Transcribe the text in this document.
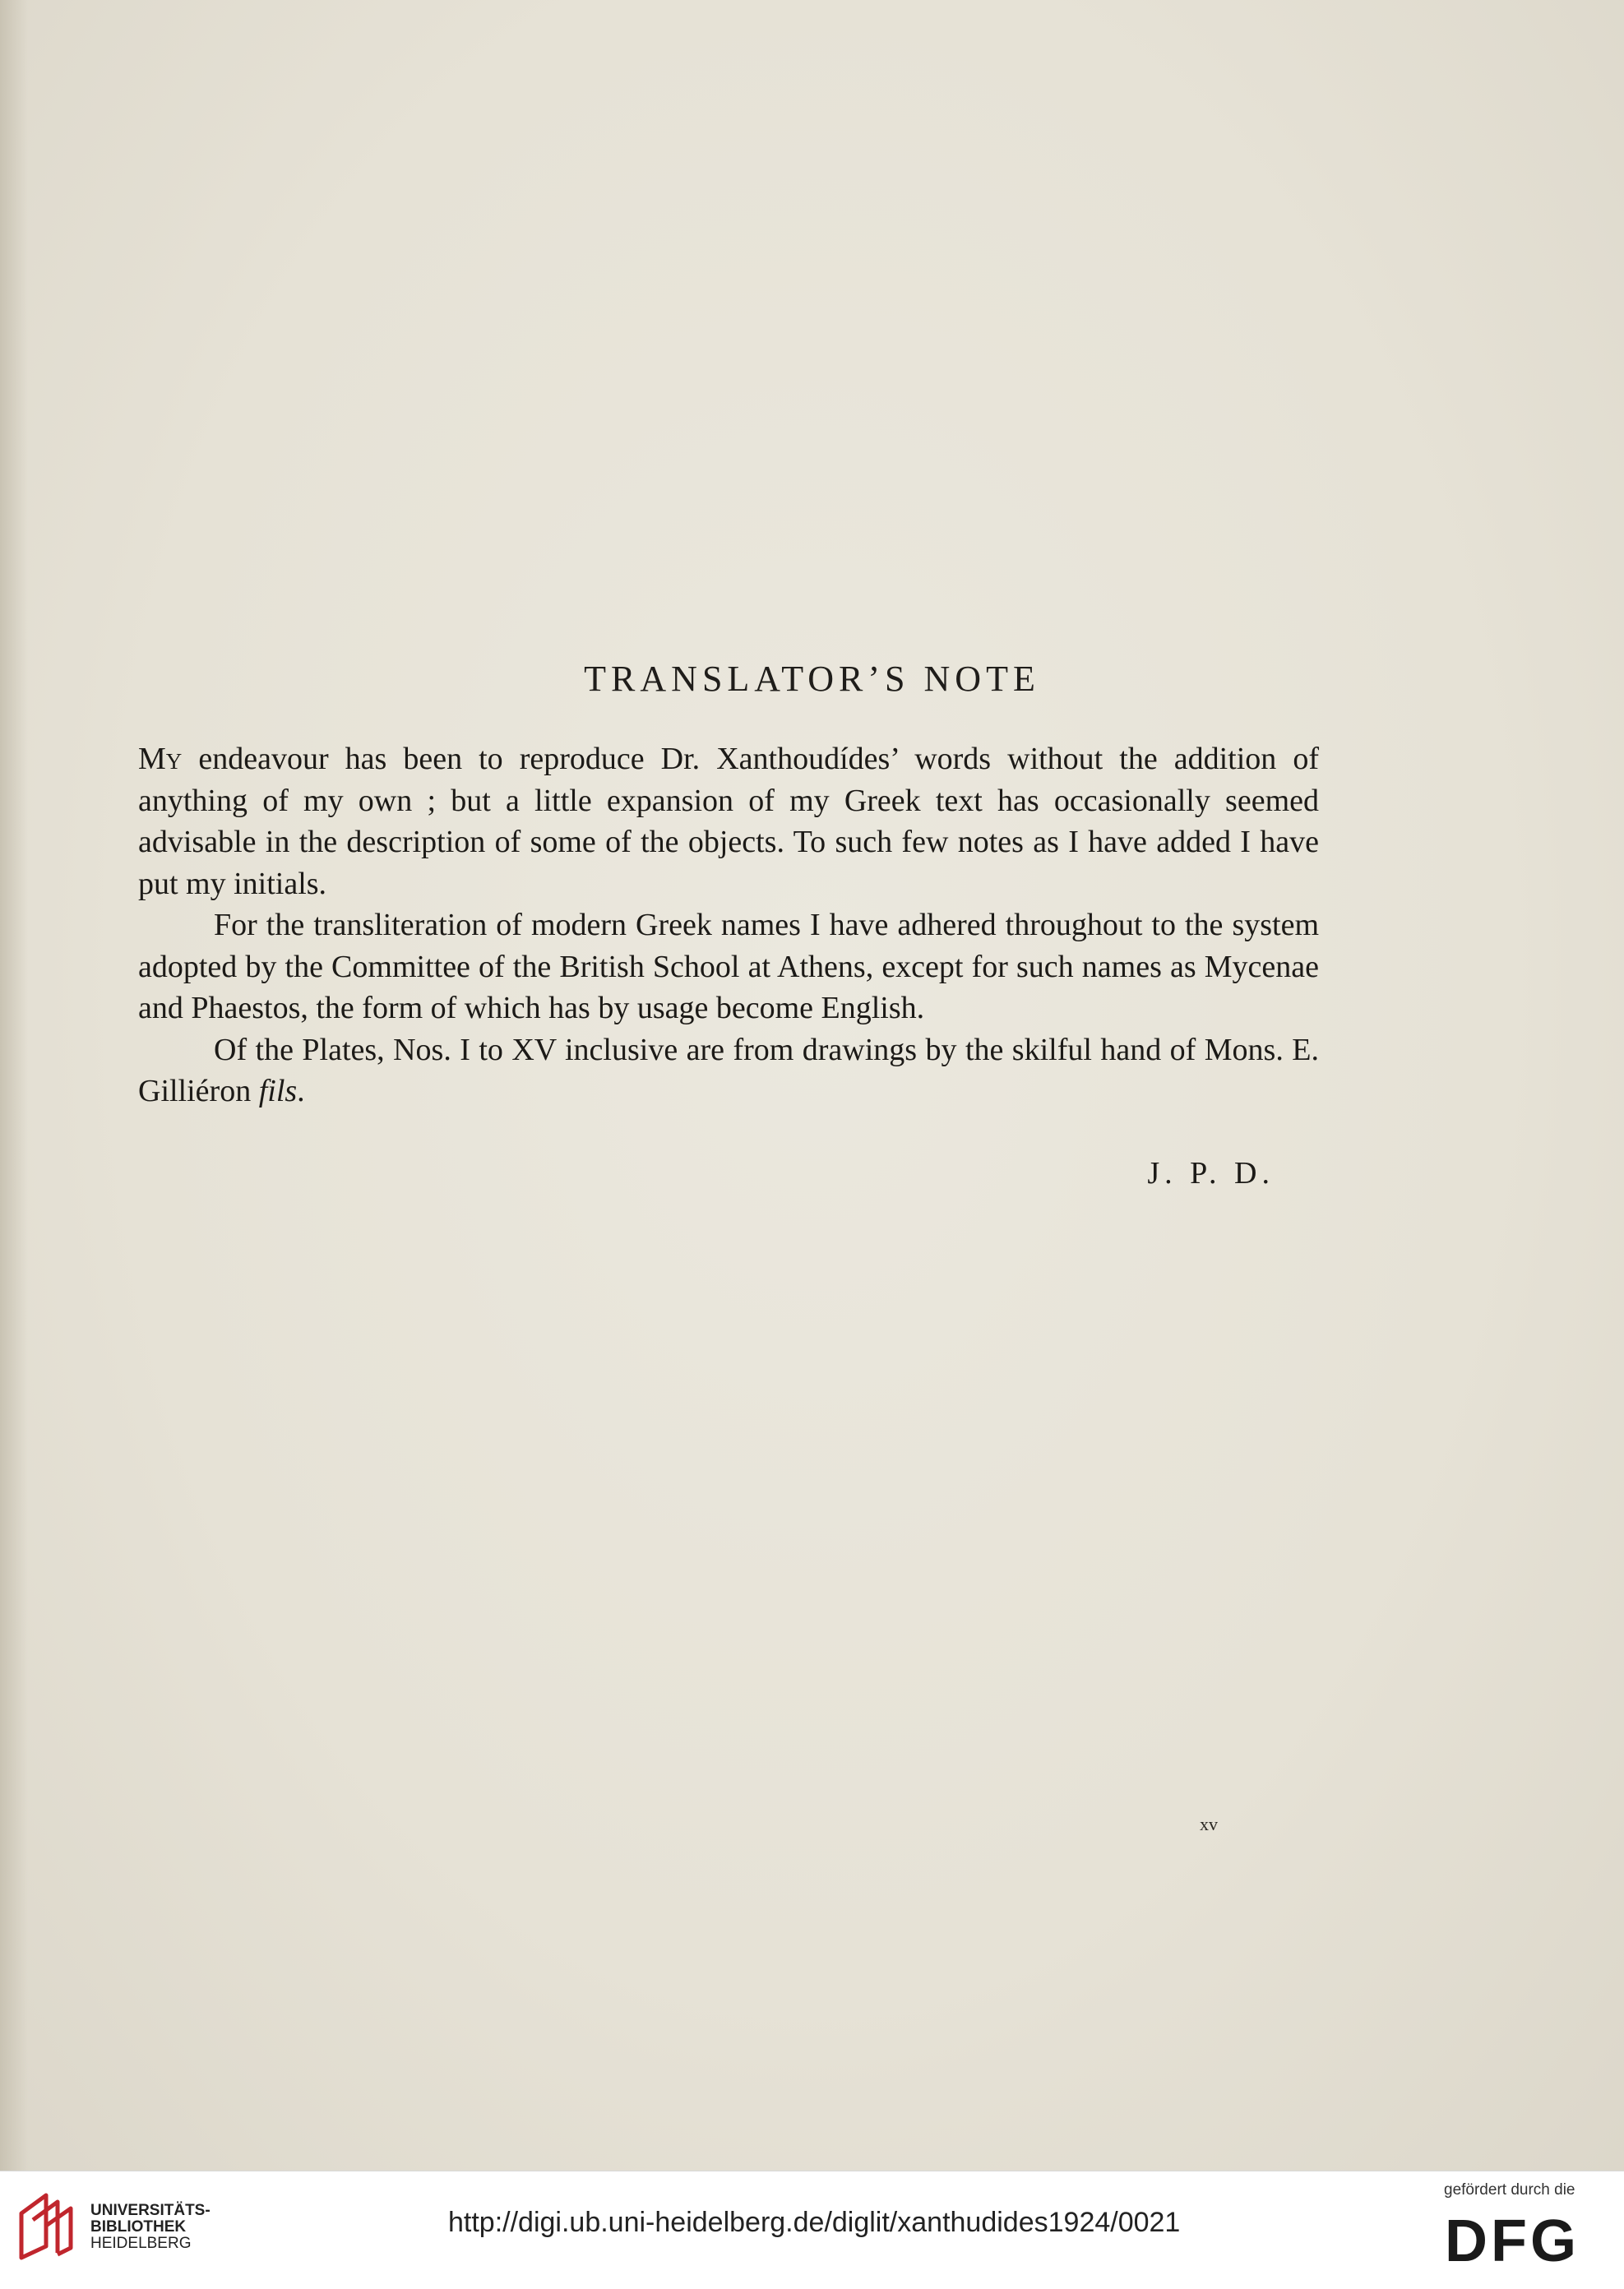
TRANSLATOR’S NOTE

My endeavour has been to reproduce Dr. Xanthoudídes’ words without the addition of anything of my own ; but a little expansion of my Greek text has occasionally seemed advisable in the description of some of the objects. To such few notes as I have added I have put my initials.

For the transliteration of modern Greek names I have adhered throughout to the system adopted by the Committee of the British School at Athens, except for such names as Mycenae and Phaestos, the form of which has by usage become English.

Of the Plates, Nos. I to XV inclusive are from drawings by the skilful hand of Mons. E. Gilliéron fils.

J. P. D.
xv
UNIVERSITÄTS-
BIBLIOTHEK
HEIDELBERG
http://digi.ub.uni-heidelberg.de/diglit/xanthudides1924/0021
gefördert durch die
DFG
